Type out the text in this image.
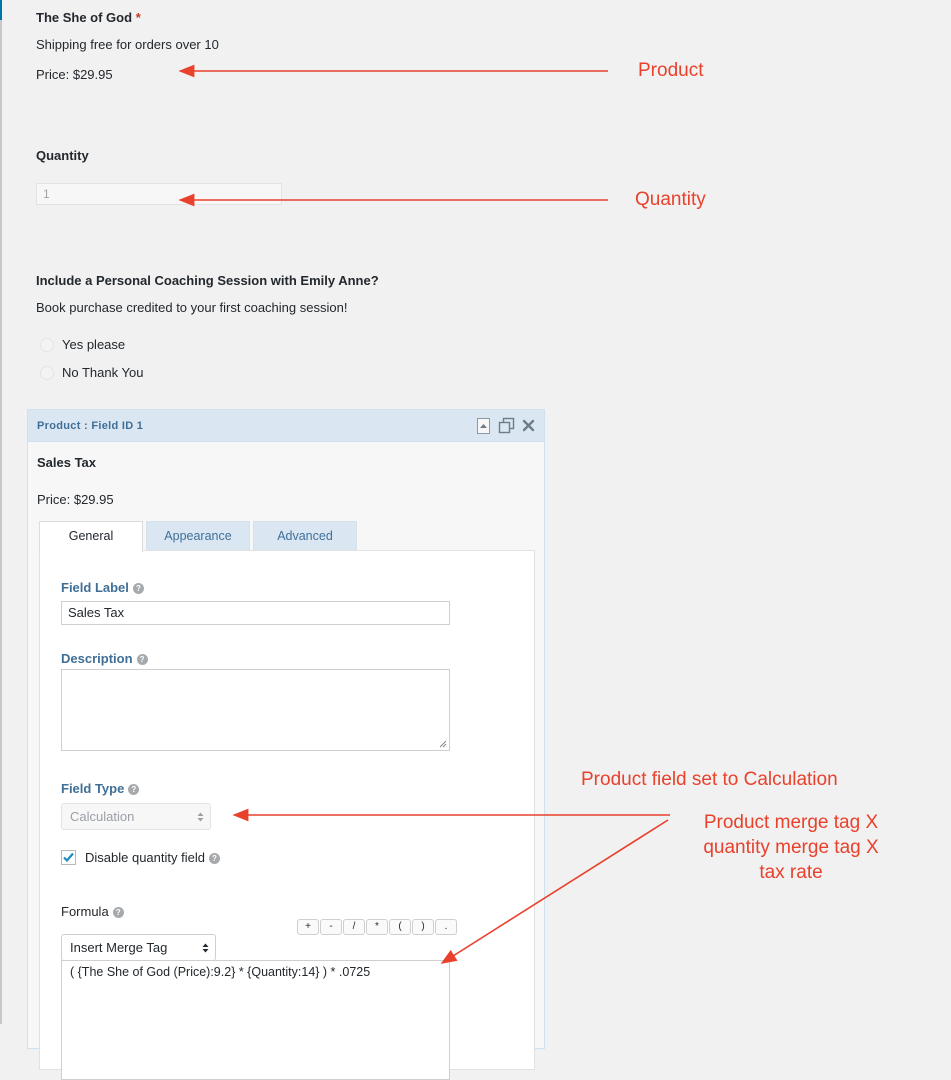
The She of God *
Shipping free for orders over 10
Price: $29.95
Quantity
1
Include a Personal Coaching Session with Emily Anne?
Book purchase credited to your first coaching session!
Yes please
No Thank You
Product : Field ID 1
Sales Tax
Price: $29.95
General	Appearance	Advanced
Field Label ?
Sales Tax
Description ?
Field Type ?
Calculation
Disable quantity field ?
Formula ?
Insert Merge Tag
( {The She of God (Price):9.2} * {Quantity:14} ) * .0725
+	-	/	*	(	)	.
Product
Quantity
Product field set to Calculation
Product merge tag X
quantity merge tag X
tax rate
